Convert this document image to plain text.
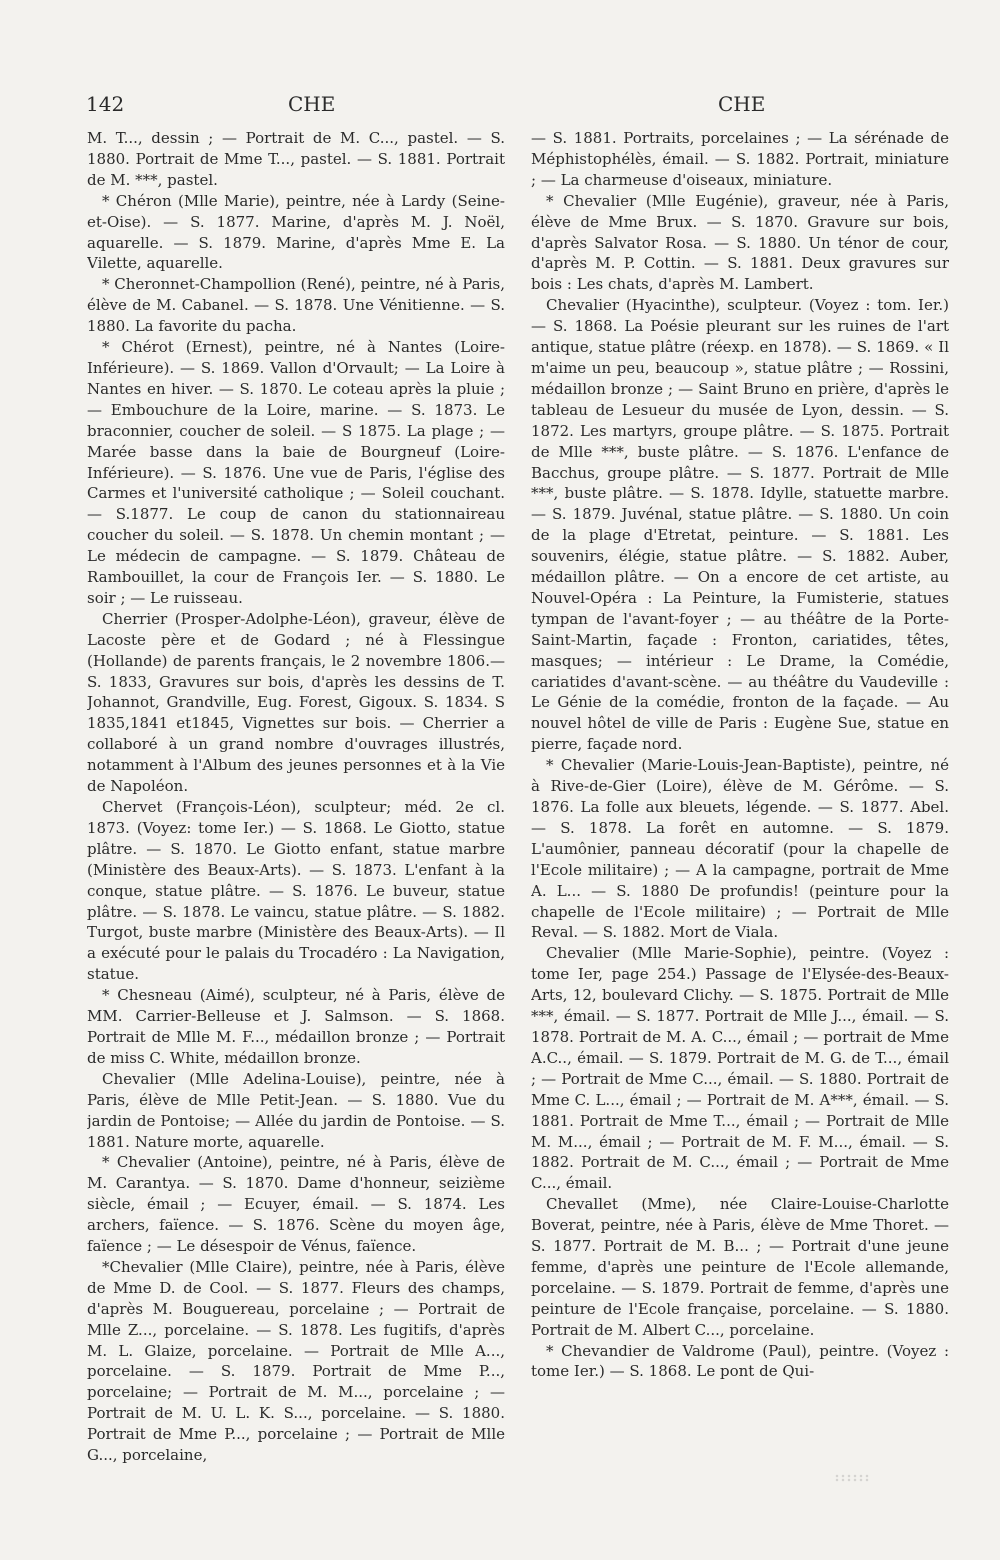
142	CHE	CHE

M. T..., dessin ; — Portrait de M. C..., pastel. — S. 1880. Portrait de Mme T..., pastel. — S. 1881. Portrait de M. ***, pastel.

* Chéron (Mlle Marie), peintre, née à Lardy (Seine-et-Oise). — S. 1877. Marine, d'après M. J. Noël, aquarelle. — S. 1879. Marine, d'après Mme E. La Vilette, aquarelle.

* Cheronnet-Champollion (René), peintre, né à Paris, élève de M. Cabanel. — S. 1878. Une Vénitienne. — S. 1880. La favorite du pacha.

* Chérot (Ernest), peintre, né à Nantes (Loire-Inférieure). — S. 1869. Vallon d'Orvault; — La Loire à Nantes en hiver. — S. 1870. Le coteau après la pluie ; — Embouchure de la Loire, marine. — S. 1873. Le braconnier, coucher de soleil. — S 1875. La plage ; — Marée basse dans la baie de Bourgneuf (Loire-Inférieure). — S. 1876. Une vue de Paris, l'église des Carmes et l'université catholique ; — Soleil couchant. — S.1877. Le coup de canon du stationnaireau coucher du soleil. — S. 1878. Un chemin montant ; — Le médecin de campagne. — S. 1879. Château de Rambouillet, la cour de François Ier. — S. 1880. Le soir ; — Le ruisseau.

Cherrier (Prosper-Adolphe-Léon), graveur, élève de Lacoste père et de Godard ; né à Flessingue (Hollande) de parents français, le 2 novembre 1806.— S. 1833, Gravures sur bois, d'après les dessins de T. Johannot, Grandville, Eug. Forest, Gigoux. S. 1834. S 1835,1841 et1845, Vignettes sur bois. — Cherrier a collaboré à un grand nombre d'ouvrages illustrés, notamment à l'Album des jeunes personnes et à la Vie de Napoléon.

Chervet (François-Léon), sculpteur; méd. 2e cl. 1873. (Voyez: tome Ier.) — S. 1868. Le Giotto, statue plâtre. — S. 1870. Le Giotto enfant, statue marbre (Ministère des Beaux-Arts). — S. 1873. L'enfant à la conque, statue plâtre. — S. 1876. Le buveur, statue plâtre. — S. 1878. Le vaincu, statue plâtre. — S. 1882. Turgot, buste marbre (Ministère des Beaux-Arts). — Il a exécuté pour le palais du Trocadéro : La Navigation, statue.

* Chesneau (Aimé), sculpteur, né à Paris, élève de MM. Carrier-Belleuse et J. Salmson. — S. 1868. Portrait de Mlle M. F..., médaillon bronze ; — Portrait de miss C. White, médaillon bronze.

Chevalier (Mlle Adelina-Louise), peintre, née à Paris, élève de Mlle Petit-Jean. — S. 1880. Vue du jardin de Pontoise; — Allée du jardin de Pontoise. — S. 1881. Nature morte, aquarelle.

* Chevalier (Antoine), peintre, né à Paris, élève de M. Carantya. — S. 1870. Dame d'honneur, seizième siècle, émail ; — Ecuyer, émail. — S. 1874. Les archers, faïence. — S. 1876. Scène du moyen âge, faïence ; — Le désespoir de Vénus, faïence.

*Chevalier (Mlle Claire), peintre, née à Paris, élève de Mme D. de Cool. — S. 1877. Fleurs des champs, d'après M. Bouguereau, porcelaine ; — Portrait de Mlle Z..., porcelaine. — S. 1878. Les fugitifs, d'après M. L. Glaize, porcelaine. — Portrait de Mlle A..., porcelaine. — S. 1879. Portrait de Mme P..., porcelaine; — Portrait de M. M..., porcelaine ; — Portrait de M. U. L. K. S..., porcelaine. — S. 1880. Portrait de Mme P..., porcelaine ; — Portrait de Mlle G..., porcelaine,

— S. 1881. Portraits, porcelaines ; — La sérénade de Méphistophélès, émail. — S. 1882. Portrait, miniature ; — La charmeuse d'oiseaux, miniature.

* Chevalier (Mlle Eugénie), graveur, née à Paris, élève de Mme Brux. — S. 1870. Gravure sur bois, d'après Salvator Rosa. — S. 1880. Un ténor de cour, d'après M. P. Cottin. — S. 1881. Deux gravures sur bois : Les chats, d'après M. Lambert.

Chevalier (Hyacinthe), sculpteur. (Voyez : tom. Ier.) — S. 1868. La Poésie pleurant sur les ruines de l'art antique, statue plâtre (réexp. en 1878). — S. 1869. « Il m'aime un peu, beaucoup », statue plâtre ; — Rossini, médaillon bronze ; — Saint Bruno en prière, d'après le tableau de Lesueur du musée de Lyon, dessin. — S. 1872. Les martyrs, groupe plâtre. — S. 1875. Portrait de Mlle ***, buste plâtre. — S. 1876. L'enfance de Bacchus, groupe plâtre. — S. 1877. Portrait de Mlle ***, buste plâtre. — S. 1878. Idylle, statuette marbre. — S. 1879. Juvénal, statue plâtre. — S. 1880. Un coin de la plage d'Etretat, peinture. — S. 1881. Les souvenirs, élégie, statue plâtre. — S. 1882. Auber, médaillon plâtre. — On a encore de cet artiste, au Nouvel-Opéra : La Peinture, la Fumisterie, statues tympan de l'avant-foyer ; — au théâtre de la Porte-Saint-Martin, façade : Fronton, cariatides, têtes, masques; — intérieur : Le Drame, la Comédie, cariatides d'avant-scène. — au théâtre du Vaudeville : Le Génie de la comédie, fronton de la façade. — Au nouvel hôtel de ville de Paris : Eugène Sue, statue en pierre, façade nord.

* Chevalier (Marie-Louis-Jean-Baptiste), peintre, né à Rive-de-Gier (Loire), élève de M. Gérôme. — S. 1876. La folle aux bleuets, légende. — S. 1877. Abel. — S. 1878. La forêt en automne. — S. 1879. L'aumônier, panneau décoratif (pour la chapelle de l'Ecole militaire) ; — A la campagne, portrait de Mme A. L... — S. 1880 De profundis! (peinture pour la chapelle de l'Ecole militaire) ; — Portrait de Mlle Reval. — S. 1882. Mort de Viala.

Chevalier (Mlle Marie-Sophie), peintre. (Voyez : tome Ier, page 254.) Passage de l'Elysée-des-Beaux-Arts, 12, boulevard Clichy. — S. 1875. Portrait de Mlle ***, émail. — S. 1877. Portrait de Mlle J..., émail. — S. 1878. Portrait de M. A. C..., émail ; — portrait de Mme A.C.., émail. — S. 1879. Portrait de M. G. de T..., émail ; — Portrait de Mme C..., émail. — S. 1880. Portrait de Mme C. L..., émail ; — Portrait de M. A***, émail. — S. 1881. Portrait de Mme T..., émail ; — Portrait de Mlle M. M..., émail ; — Portrait de M. F. M..., émail. — S. 1882. Portrait de M. C..., émail ; — Portrait de Mme C..., émail.

Chevallet (Mme), née Claire-Louise-Charlotte Boverat, peintre, née à Paris, élève de Mme Thoret. — S. 1877. Portrait de M. B... ; — Portrait d'une jeune femme, d'après une peinture de l'Ecole allemande, porcelaine. — S. 1879. Portrait de femme, d'après une peinture de l'Ecole française, porcelaine. — S. 1880. Portrait de M. Albert C..., porcelaine.

* Chevandier de Valdrome (Paul), peintre. (Voyez : tome Ier.) — S. 1868. Le pont de Qui-
